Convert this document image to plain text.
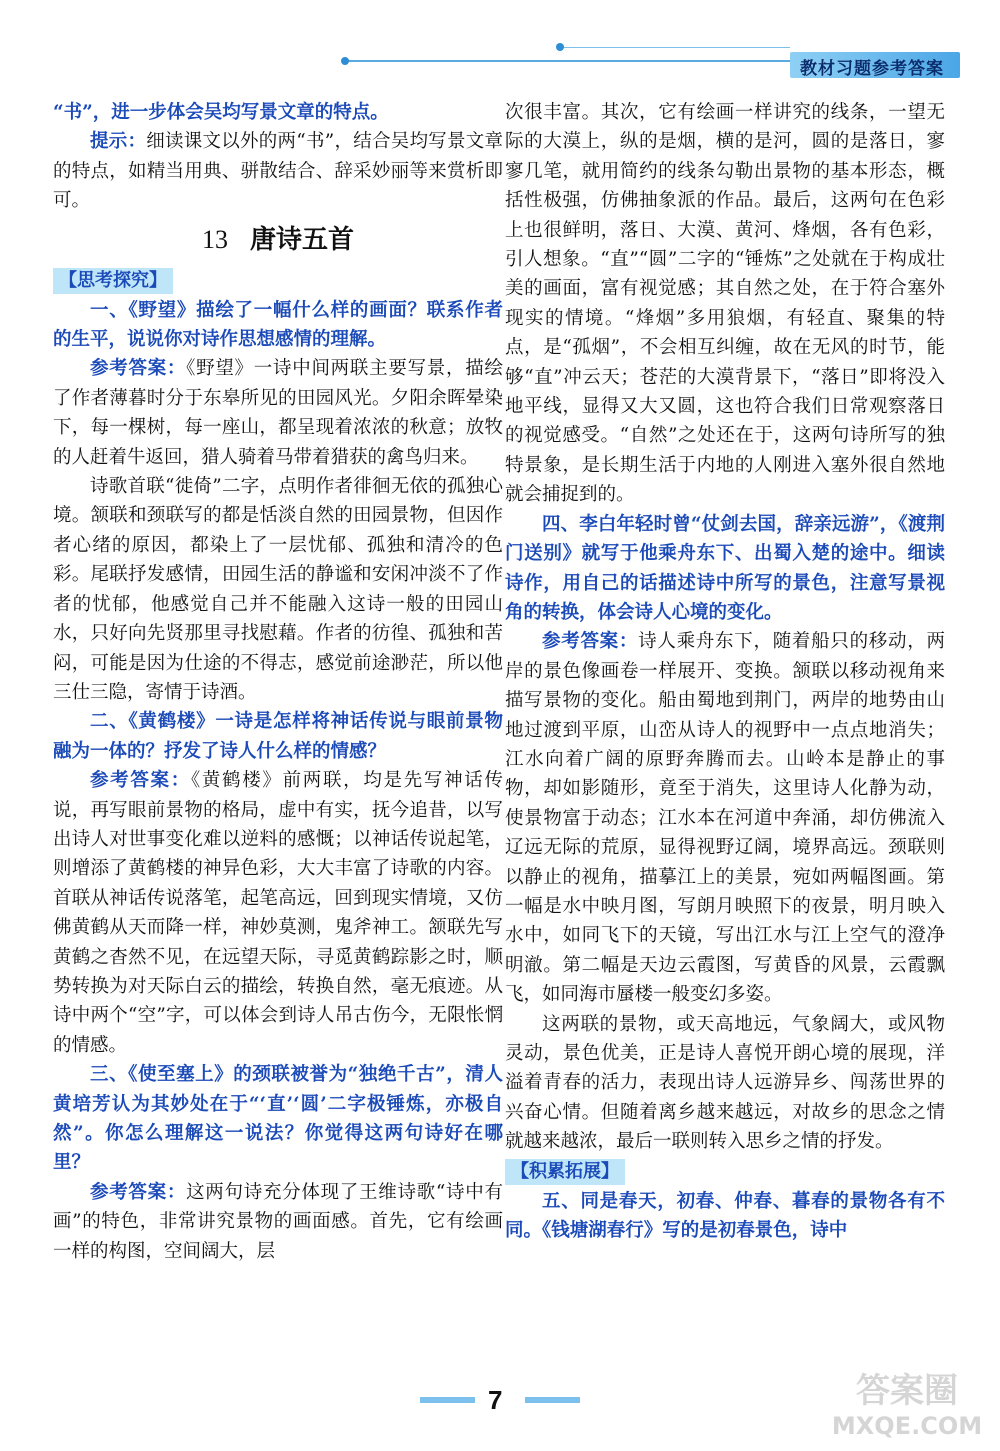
教材习题参考答案

“书”，进一步体会吴均写景文章的特点。

提示：细读课文以外的两“书”，结合吴均写景文章的特点，如精当用典、骈散结合、辞采妙丽等来赏析即可。

13 唐诗五首
【思考探究】

一、《野望》描绘了一幅什么样的画面？联系作者的生平，说说你对诗作思想感情的理解。

参考答案：《野望》一诗中间两联主要写景，描绘了作者薄暮时分于东皋所见的田园风光。夕阳余晖晕染下，每一棵树，每一座山，都呈现着浓浓的秋意；放牧的人赶着牛返回，猎人骑着马带着猎获的禽鸟归来。

诗歌首联“徙倚”二字，点明作者徘徊无依的孤独心境。颔联和颈联写的都是恬淡自然的田园景物，但因作者心绪的原因，都染上了一层忧郁、孤独和清冷的色彩。尾联抒发感情，田园生活的静谧和安闲冲淡不了作者的忧郁，他感觉自己并不能融入这诗一般的田园山水，只好向先贤那里寻找慰藉。作者的彷徨、孤独和苦闷，可能是因为仕途的不得志，感觉前途渺茫，所以他三仕三隐，寄情于诗酒。

二、《黄鹤楼》一诗是怎样将神话传说与眼前景物融为一体的？抒发了诗人什么样的情感？

参考答案：《黄鹤楼》前两联，均是先写神话传说，再写眼前景物的格局，虚中有实，抚今追昔，以写出诗人对世事变化难以逆料的感慨；以神话传说起笔，则增添了黄鹤楼的神异色彩，大大丰富了诗歌的内容。首联从神话传说落笔，起笔高远，回到现实情境，又仿佛黄鹤从天而降一样，神妙莫测，鬼斧神工。颔联先写黄鹤之杳然不见，在远望天际，寻觅黄鹤踪影之时，顺势转换为对天际白云的描绘，转换自然，毫无痕迹。从诗中两个“空”字，可以体会到诗人吊古伤今，无限怅惘的情感。

三、《使至塞上》的颈联被誉为“独绝千古”，清人黄培芳认为其妙处在于“‘直’‘圆’二字极锤炼，亦极自然”。你怎么理解这一说法？你觉得这两句诗好在哪里？

参考答案：这两句诗充分体现了王维诗歌“诗中有画”的特色，非常讲究景物的画面感。首先，它有绘画一样的构图，空间阔大，层

次很丰富。其次，它有绘画一样讲究的线条，一望无际的大漠上，纵的是烟，横的是河，圆的是落日，寥寥几笔，就用简约的线条勾勒出景物的基本形态，概括性极强，仿佛抽象派的作品。最后，这两句在色彩上也很鲜明，落日、大漠、黄河、烽烟，各有色彩，引人想象。“直”“圆”二字的“锤炼”之处就在于构成壮美的画面，富有视觉感；其自然之处，在于符合塞外现实的情境。“烽烟”多用狼烟，有轻直、聚集的特点，是“孤烟”，不会相互纠缠，故在无风的时节，能够“直”冲云天；苍茫的大漠背景下，“落日”即将没入地平线，显得又大又圆，这也符合我们日常观察落日的视觉感受。“自然”之处还在于，这两句诗所写的独特景象，是长期生活于内地的人刚进入塞外很自然地就会捕捉到的。

四、李白年轻时曾“仗剑去国，辞亲远游”，《渡荆门送别》就写于他乘舟东下、出蜀入楚的途中。细读诗作，用自己的话描述诗中所写的景色，注意写景视角的转换，体会诗人心境的变化。

参考答案：诗人乘舟东下，随着船只的移动，两岸的景色像画卷一样展开、变换。颔联以移动视角来描写景物的变化。船由蜀地到荆门，两岸的地势由山地过渡到平原，山峦从诗人的视野中一点点地消失；江水向着广阔的原野奔腾而去。山岭本是静止的事物，却如影随形，竟至于消失，这里诗人化静为动，使景物富于动态；江水本在河道中奔涌，却仿佛流入辽远无际的荒原，显得视野辽阔，境界高远。颈联则以静止的视角，描摹江上的美景，宛如两幅图画。第一幅是水中映月图，写朗月映照下的夜景，明月映入水中，如同飞下的天镜，写出江水与江上空气的澄净明澈。第二幅是天边云霞图，写黄昏的风景，云霞飘飞，如同海市蜃楼一般变幻多姿。

这两联的景物，或天高地远，气象阔大，或风物灵动，景色优美，正是诗人喜悦开朗心境的展现，洋溢着青春的活力，表现出诗人远游异乡、闯荡世界的兴奋心情。但随着离乡越来越远，对故乡的思念之情就越来越浓，最后一联则转入思乡之情的抒发。

【积累拓展】

五、同是春天，初春、仲春、暮春的景物各有不同。《钱塘湖春行》写的是初春景色，诗中

7	答案圈
MXQE.COM
